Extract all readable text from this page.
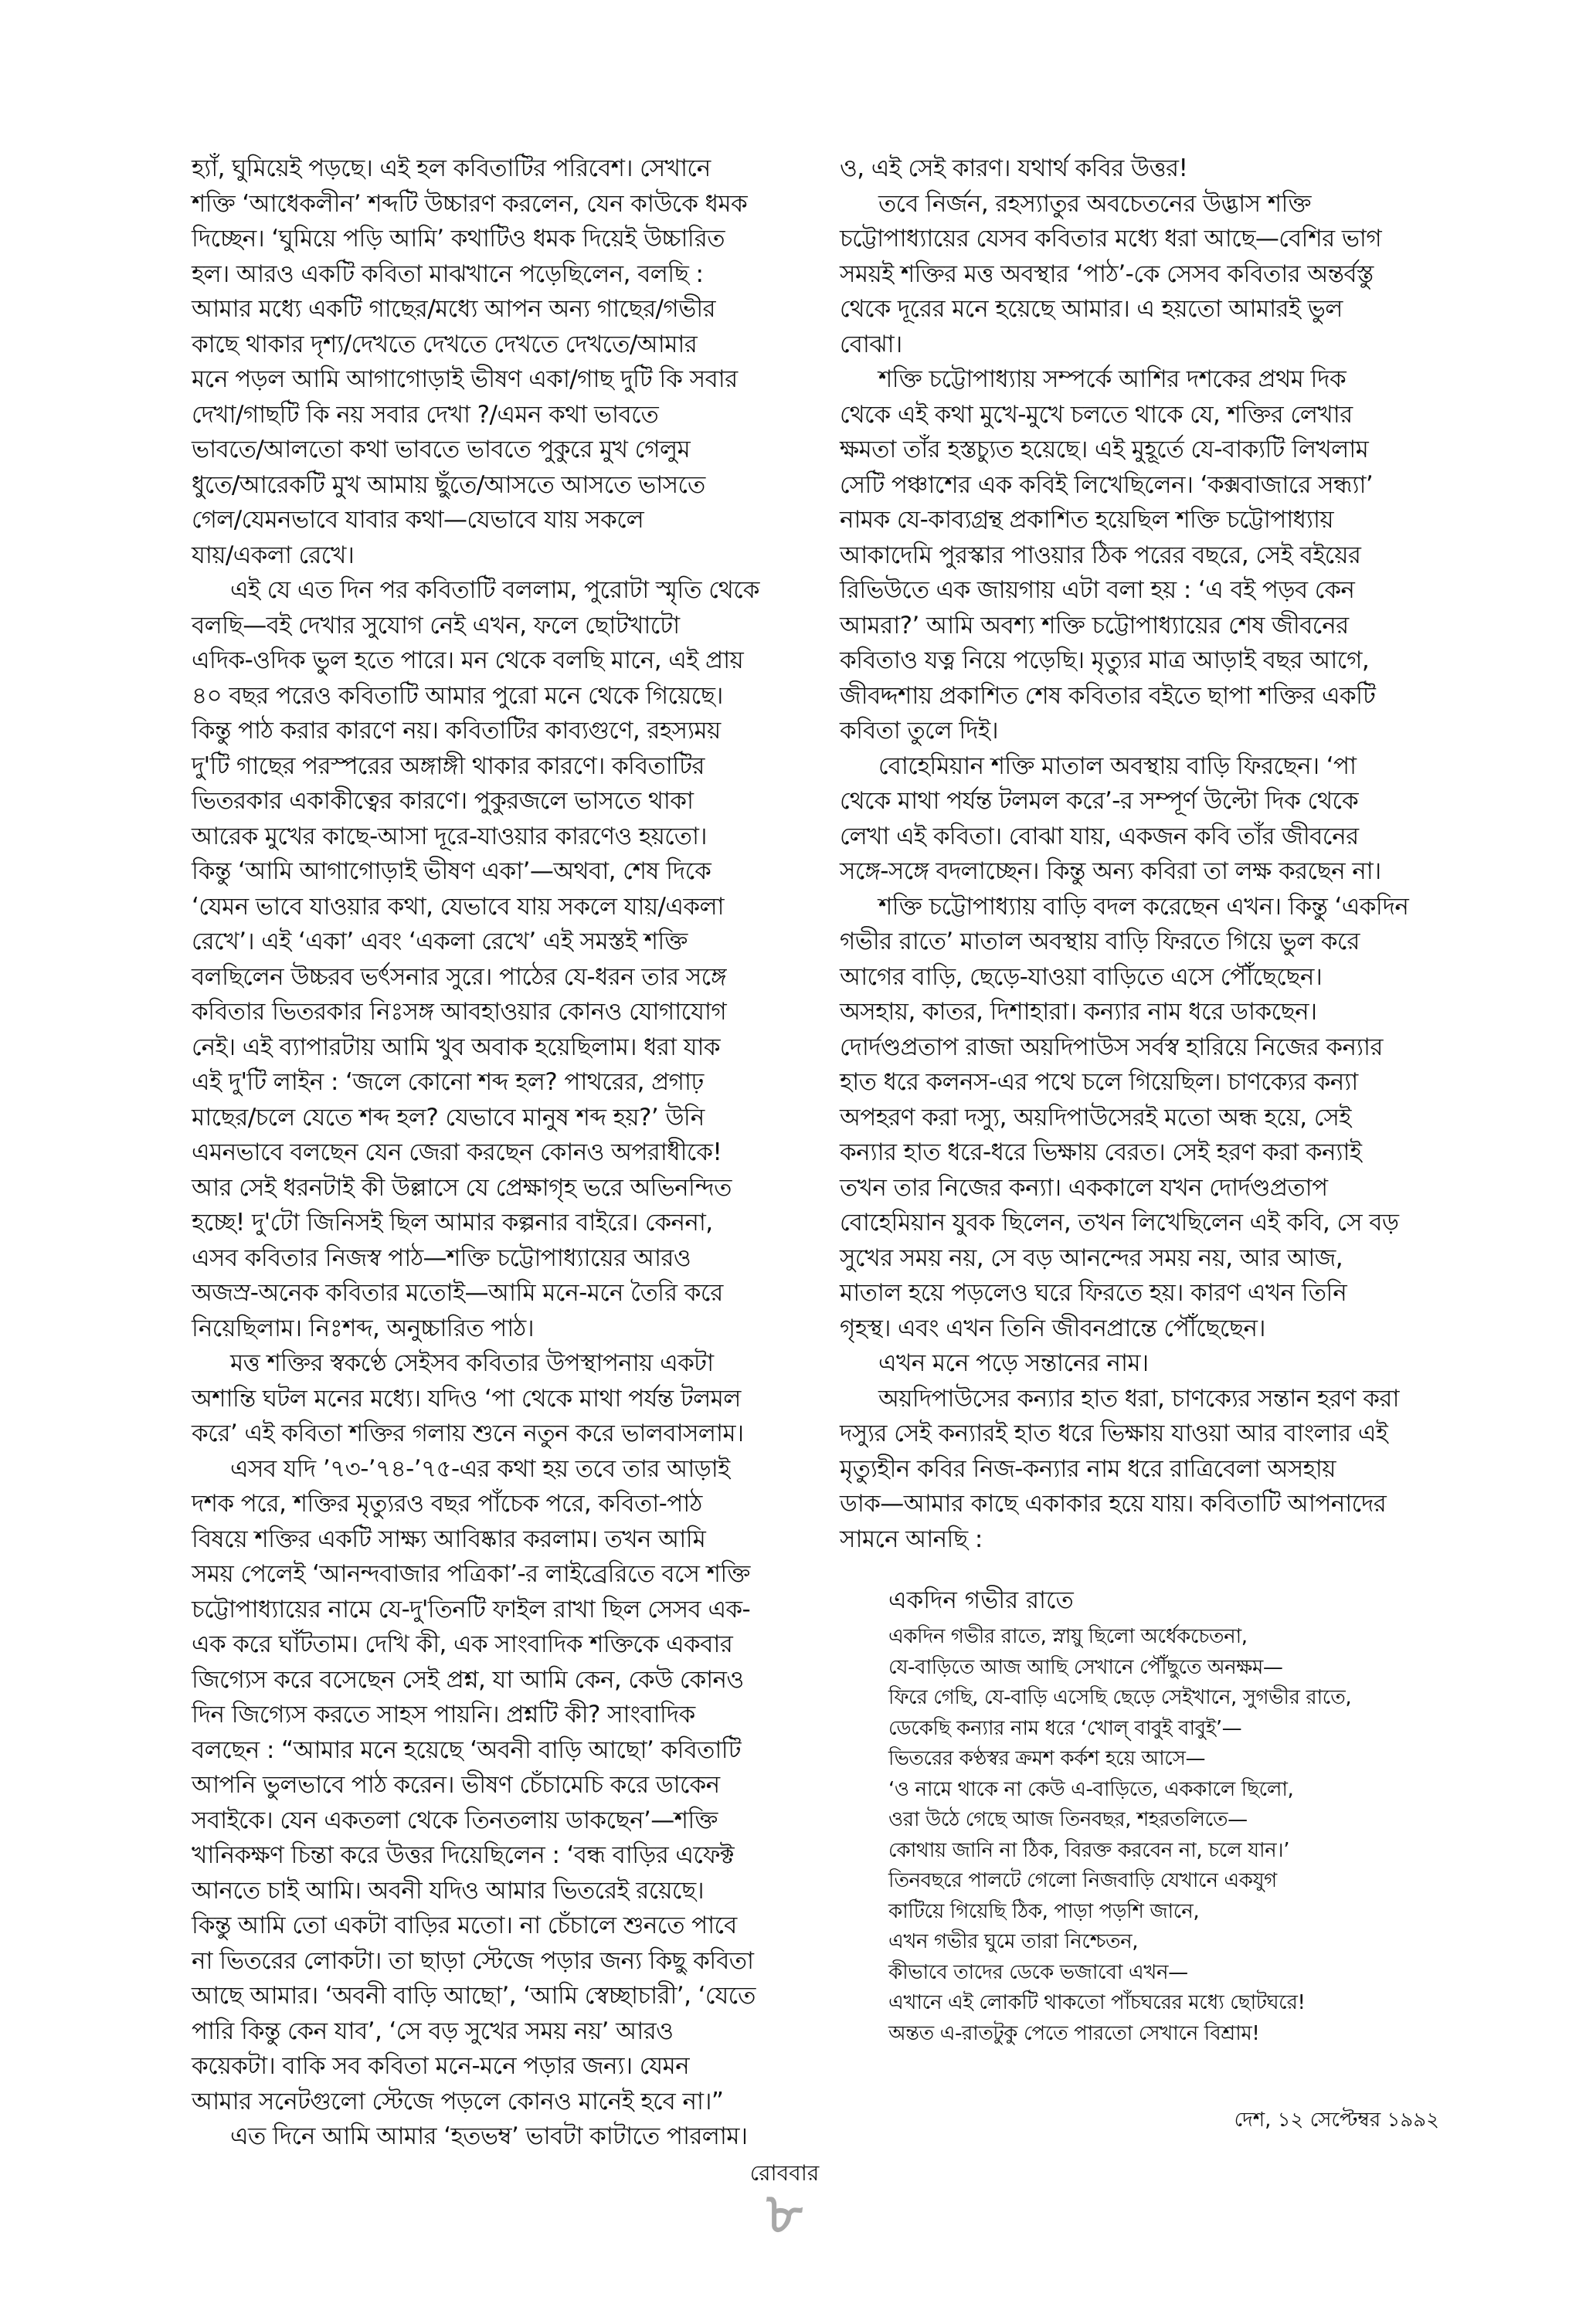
হ্যাঁ, ঘুমিয়েই পড়ছে। এই হল কবিতাটির পরিবেশ। সেখানে
শক্তি ‘আধেকলীন’ শব্দটি উচ্চারণ করলেন, যেন কাউকে ধমক
দিচ্ছেন। ‘ঘুমিয়ে পড়ি আমি’ কথাটিও ধমক দিয়েই উচ্চারিত
হল। আরও একটি কবিতা মাঝখানে পড়েছিলেন, বলছি :
আমার মধ্যে একটি গাছের/মধ্যে আপন অন্য গাছের/গভীর
কাছে থাকার দৃশ্য/দেখতে দেখতে দেখতে দেখতে/আমার
মনে পড়ল আমি আগাগোড়াই ভীষণ একা/গাছ দুটি কি সবার
দেখা/গাছটি কি নয় সবার দেখা ?/এমন কথা ভাবতে
ভাবতে/আলতো কথা ভাবতে ভাবতে পুকুরে মুখ গেলুম
ধুতে/আরেকটি মুখ আমায় ছুঁতে/আসতে আসতে ভাসতে
গেল/যেমনভাবে যাবার কথা—যেভাবে যায় সকলে
যায়/একলা রেখে।
এই যে এত দিন পর কবিতাটি বললাম, পুরোটা স্মৃতি থেকে
বলছি—বই দেখার সুযোগ নেই এখন, ফলে ছোটখাটো
এদিক-ওদিক ভুল হতে পারে। মন থেকে বলছি মানে, এই প্রায়
৪০ বছর পরেও কবিতাটি আমার পুরো মনে থেকে গিয়েছে।
কিন্তু পাঠ করার কারণে নয়। কবিতাটির কাব্যগুণে, রহস্যময়
দু'টি গাছের পরস্পরের অঙ্গাঙ্গী থাকার কারণে। কবিতাটির
ভিতরকার একাকীত্বের কারণে। পুকুরজলে ভাসতে থাকা
আরেক মুখের কাছে-আসা দূরে-যাওয়ার কারণেও হয়তো।
কিন্তু ‘আমি আগাগোড়াই ভীষণ একা’—অথবা, শেষ দিকে
‘যেমন ভাবে যাওয়ার কথা, যেভাবে যায় সকলে যায়/একলা
রেখে’। এই ‘একা’ এবং ‘একলা রেখে’ এই সমস্তই শক্তি
বলছিলেন উচ্চরব ভর্ৎসনার সুরে। পাঠের যে-ধরন তার সঙ্গে
কবিতার ভিতরকার নিঃসঙ্গ আবহাওয়ার কোনও যোগাযোগ
নেই। এই ব্যাপারটায় আমি খুব অবাক হয়েছিলাম। ধরা যাক
এই দু'টি লাইন : ‘জলে কোনো শব্দ হল? পাথরের, প্রগাঢ়
মাছের/চলে যেতে শব্দ হল? যেভাবে মানুষ শব্দ হয়?’ উনি
এমনভাবে বলছেন যেন জেরা করছেন কোনও অপরাধীকে!
আর সেই ধরনটাই কী উল্লাসে যে প্রেক্ষাগৃহ ভরে অভিনন্দিত
হচ্ছে! দু'টো জিনিসই ছিল আমার কল্পনার বাইরে। কেননা,
এসব কবিতার নিজস্ব পাঠ—শক্তি চট্টোপাধ্যায়ের আরও
অজস্র-অনেক কবিতার মতোই—আমি মনে-মনে তৈরি করে
নিয়েছিলাম। নিঃশব্দ, অনুচ্চারিত পাঠ।
মত্ত শক্তির স্বকণ্ঠে সেইসব কবিতার উপস্থাপনায় একটা
অশান্তি ঘটল মনের মধ্যে। যদিও ‘পা থেকে মাথা পর্যন্ত টলমল
করে’ এই কবিতা শক্তির গলায় শুনে নতুন করে ভালবাসলাম।
এসব যদি ’৭৩-’৭৪-’৭৫-এর কথা হয় তবে তার আড়াই
দশক পরে, শক্তির মৃত্যুরও বছর পাঁচেক পরে, কবিতা-পাঠ
বিষয়ে শক্তির একটি সাক্ষ্য আবিষ্কার করলাম। তখন আমি
সময় পেলেই ‘আনন্দবাজার পত্রিকা’-র লাইব্রেরিতে বসে শক্তি
চট্টোপাধ্যায়ের নামে যে-দু'তিনটি ফাইল রাখা ছিল সেসব এক-
এক করে ঘাঁটতাম। দেখি কী, এক সাংবাদিক শক্তিকে একবার
জিগ্যেস করে বসেছেন সেই প্রশ্ন, যা আমি কেন, কেউ কোনও
দিন জিগ্যেস করতে সাহস পায়নি। প্রশ্নটি কী? সাংবাদিক
বলছেন : “আমার মনে হয়েছে ‘অবনী বাড়ি আছো’ কবিতাটি
আপনি ভুলভাবে পাঠ করেন। ভীষণ চেঁচামেচি করে ডাকেন
সবাইকে। যেন একতলা থেকে তিনতলায় ডাকছেন’—শক্তি
খানিকক্ষণ চিন্তা করে উত্তর দিয়েছিলেন : ‘বন্ধ বাড়ির এফেক্ট
আনতে চাই আমি। অবনী যদিও আমার ভিতরেই রয়েছে।
কিন্তু আমি তো একটা বাড়ির মতো। না চেঁচালে শুনতে পাবে
না ভিতরের লোকটা। তা ছাড়া স্টেজে পড়ার জন্য কিছু কবিতা
আছে আমার। ‘অবনী বাড়ি আছো’, ‘আমি স্বেচ্ছাচারী’, ‘যেতে
পারি কিন্তু কেন যাব’, ‘সে বড় সুখের সময় নয়’ আরও
কয়েকটা। বাকি সব কবিতা মনে-মনে পড়ার জন্য। যেমন
আমার সনেটগুলো স্টেজে পড়লে কোনও মানেই হবে না।”
এত দিনে আমি আমার ‘হতভম্ব’ ভাবটা কাটাতে পারলাম।
ও, এই সেই কারণ। যথার্থ কবির উত্তর!
তবে নির্জন, রহস্যাতুর অবচেতনের উদ্ভাস শক্তি
চট্টোপাধ্যায়ের যেসব কবিতার মধ্যে ধরা আছে—বেশির ভাগ
সময়ই শক্তির মত্ত অবস্থার ‘পাঠ’-কে সেসব কবিতার অন্তর্বস্তু
থেকে দূরের মনে হয়েছে আমার। এ হয়তো আমারই ভুল
বোঝা।
শক্তি চট্টোপাধ্যায় সম্পর্কে আশির দশকের প্রথম দিক
থেকে এই কথা মুখে-মুখে চলতে থাকে যে, শক্তির লেখার
ক্ষমতা তাঁর হস্তচ্যুত হয়েছে। এই মুহূর্তে যে-বাক্যটি লিখলাম
সেটি পঞ্চাশের এক কবিই লিখেছিলেন। ‘কক্সবাজারে সন্ধ্যা’
নামক যে-কাব্যগ্রন্থ প্রকাশিত হয়েছিল শক্তি চট্টোপাধ্যায়
আকাদেমি পুরস্কার পাওয়ার ঠিক পরের বছরে, সেই বইয়ের
রিভিউতে এক জায়গায় এটা বলা হয় : ‘এ বই পড়ব কেন
আমরা?’ আমি অবশ্য শক্তি চট্টোপাধ্যায়ের শেষ জীবনের
কবিতাও যত্ন নিয়ে পড়েছি। মৃত্যুর মাত্র আড়াই বছর আগে,
জীবদ্দশায় প্রকাশিত শেষ কবিতার বইতে ছাপা শক্তির একটি
কবিতা তুলে দিই।
বোহেমিয়ান শক্তি মাতাল অবস্থায় বাড়ি ফিরছেন। ‘পা
থেকে মাথা পর্যন্ত টলমল করে’-র সম্পূর্ণ উল্টো দিক থেকে
লেখা এই কবিতা। বোঝা যায়, একজন কবি তাঁর জীবনের
সঙ্গে-সঙ্গে বদলাচ্ছেন। কিন্তু অন্য কবিরা তা লক্ষ করছেন না।
শক্তি চট্টোপাধ্যায় বাড়ি বদল করেছেন এখন। কিন্তু ‘একদিন
গভীর রাতে’ মাতাল অবস্থায় বাড়ি ফিরতে গিয়ে ভুল করে
আগের বাড়ি, ছেড়ে-যাওয়া বাড়িতে এসে পৌঁছেছেন।
অসহায়, কাতর, দিশাহারা। কন্যার নাম ধরে ডাকছেন।
দোর্দণ্ডপ্রতাপ রাজা অয়দিপাউস সর্বস্ব হারিয়ে নিজের কন্যার
হাত ধরে কলনস-এর পথে চলে গিয়েছিল। চাণক্যের কন্যা
অপহরণ করা দস্যু, অয়দিপাউসেরই মতো অন্ধ হয়ে, সেই
কন্যার হাত ধরে-ধরে ভিক্ষায় বেরত। সেই হরণ করা কন্যাই
তখন তার নিজের কন্যা। এককালে যখন দোর্দণ্ডপ্রতাপ
বোহেমিয়ান যুবক ছিলেন, তখন লিখেছিলেন এই কবি, সে বড়
সুখের সময় নয়, সে বড় আনন্দের সময় নয়, আর আজ,
মাতাল হয়ে পড়লেও ঘরে ফিরতে হয়। কারণ এখন তিনি
গৃহস্থ। এবং এখন তিনি জীবনপ্রান্তে পৌঁছেছেন।
এখন মনে পড়ে সন্তানের নাম।
অয়দিপাউসের কন্যার হাত ধরা, চাণক্যের সন্তান হরণ করা
দস্যুর সেই কন্যারই হাত ধরে ভিক্ষায় যাওয়া আর বাংলার এই
মৃত্যুহীন কবির নিজ-কন্যার নাম ধরে রাত্রিবেলা অসহায়
ডাক—আমার কাছে একাকার হয়ে যায়। কবিতাটি আপনাদের
সামনে আনছি :
একদিন গভীর রাতে
একদিন গভীর রাতে, স্নায়ু ছিলো অর্ধেকচেতনা,
যে-বাড়িতে আজ আছি সেখানে পৌঁছুতে অনক্ষম—
ফিরে গেছি, যে-বাড়ি এসেছি ছেড়ে সেইখানে, সুগভীর রাতে,
ডেকেছি কন্যার নাম ধরে ‘খোল্ বাবুই বাবুই’—
ভিতরের কণ্ঠস্বর ক্রমশ কর্কশ হয়ে আসে—
‘ও নামে থাকে না কেউ এ-বাড়িতে, এককালে ছিলো,
ওরা উঠে গেছে আজ তিনবছর, শহরতলিতে—
কোথায় জানি না ঠিক, বিরক্ত করবেন না, চলে যান।’
তিনবছরে পালটে গেলো নিজবাড়ি যেখানে একযুগ
কাটিয়ে গিয়েছি ঠিক, পাড়া পড়শি জানে,
এখন গভীর ঘুমে তারা নিশ্চেতন,
কীভাবে তাদের ডেকে ভজাবো এখন—
এখানে এই লোকটি থাকতো পাঁচঘরের মধ্যে ছোটঘরে!
অন্তত এ-রাতটুকু পেতে পারতো সেখানে বিশ্রাম!
দেশ, ১২ সেপ্টেম্বর ১৯৯২
রোববার
৮
